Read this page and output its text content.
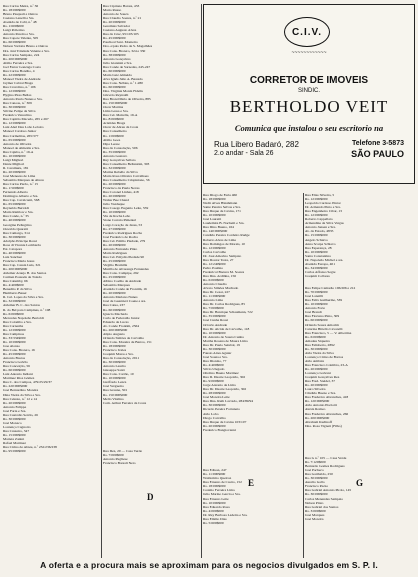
Rua Carlos Meira, n.º 36
Rs. 18:000$000
Bruno Pasquali e Outros
Caetano Lanelli e Srs.
Avenida de Cabl, n.º 48
Rs. 1:600$000
Luigi Pollerino
Antonio Pereira e Sra.
Rua Capote Valente, 505
Rs. 60:000$000
Nelson Varlotta Bruno e Outros
Dra. Jeni Trindade Valente e Sra.
Rua Carlos Sampaio, 224
Rs. 200:000$000
Abilio Ferreira e Sra.
Joel Ferrer Gonzaga Costa
Rua Carlos Botelho, 4
Rs. 22:000$000
Manoel Vieira de Andrade
Jaymer Cabral Braga
Rua Cravolino, n.º 106
Rs. 12:000$000
Hygino Pires Bellas
Antonio Paulo Nunes e Sra.
Rua Canoas, n.º 309
Rs. 30:000$000
Silvino Felipe da Silva
Frederico Vencelino
Rua Capitão Macedo, 265 e 267
Rs. 12:000$000
Luiz Abel Dau Lobo Leloiro
Manoel Cardoso Junior
Rua Carmelitas, 265/377
Rs. 65:000$000
Antonio de Oliveira
Manoel de Almeida e Sra.
Rua Cajuba, n.º 19-A
Rs. 10:000$000
Luigi Migliori
Dante Migliori
R. Caramuru, 181
Rs. 20:000$000
José Menezes de Lima
Sebastião Marques de Abreu
Rua Carlos Pardo, n.º 15
Rs. 1:500$000
Fernando Alberto
Domingos Alberto e Sra.
Rua Cap. Cavalcanti, 568
Rs. 65:000$000
Reynaldo Bertoldi
Maria Ramlow e Sra.
Rua Conde, n.º 35
Rs. 40:000$000
Georgina Pellegrino
Oswaldo Quaratti
Rua Camargo, 314
Rs. 30:000$000
Adolpho Principe Rossi
Rosa di Vicente Lombarda
Est. Catapora
Rs. 40:000$000
Luis Sanchez
Francisca Maria Jesus
Rua Cap. Cassia Luis, 321
Rs. 200:000$000
Aldemar Araujo B. dos Santos
Carmen Pousada de Toledo
Rua Catumby, 66
Rs. 4:400$000
Benedito P. da Silva
Humberto Bauer
R. Cel. Lopes da Silva e Sra.
Rs. 32:000$000
Aldemar B. C. dos Santos
R. do Bel para Campinas, n.º 108
Rs. 6:000$000
Mercedes Napoleão Bertoldi
Rua Colombo e Sra.
Rua Carnaúba
Rs. 12:000$000
Rua Campinos
Rs. 33:334$000
Rs. 10:000$000
Jose Alonso
Rua Cons. Brotero, 16
Rs. 45:000$000
Antonio Bastos
Francisca Galvão
Rua Conceição, 56
Rs. 60:000$000
Luiz Antonio Indiani
Martinez Rios Gómez
Rua C. dos Campos, 479/25/29/37
Rs. 220:000$000
José Bernardino Moreira
Dina Vieira da Silva e Sra.
Rua Celeste, n.º 12 e 14
Rs. 20:000$000
Antonio Felippe
José Faria e Sra.
Rua Custódio Serrão, 26
Rs. 30:000$000
José Monaco
Lourenço Cagnotto
Rua Cruzeiro, 347
Rs. 15:000$000
Marieta Zanini
Rafael Martinez
Rua Cirino de Abreu, n.º 232/236/238
Rs. 95:000$000
Rua Cipriano Barata, 433
Mario Russo
Antonio de Souza
Rua Claudio Soares, n.º 21
Rs. 20:000$000
Geremias Salvador
Caetano Augusto Alves
Rua da Cruz, 95/103/105
Rs. 45:000$000
Paschoal Sant. Monteiro
Dos. e/pais Pedro de S. Magalhães
Rua Cons. Brotero, 324 e 330
Rs. 38:000$000
Antonio Gonçalves
Julio Giannini e Sra.
Rua Conde de Sarzedas, 245-247
Rs. 60:000$000
Maria Luiz Almeida
Alva Ignês Julio A. Bastado
Rua Cons. Nébias, n.º 1.280
Rs. 60:000$000
Dna. Virginia Moniz Fidelis
Glicerio Reynaldi
Rua Brond Melo de Oliveira, 885
Rs. 150:000$000
Oscar Martins
Lima Lessa e Sra.
Rua Cel. Meirelle, 19-A
Rs. 8:000$000
Aristides Braga
Oscar de Abreu da Costa
Rua Conselheiro
Rs. 1:000$000
Abilio Goes
Dipa Leone
Rua da Consolação, 506
Rs. 35:000$000
Antonio Gustavo
Ruy Gonçalves Sellaro
Rua Conselheiro Bellanzini, 303
Rs. 32:000$000
Marina Rebello da Silva
Maria Rosa Oliveira Carvalhaes
Rua Conselheiro Crispiniano, 56
Rs. 20:000$000
Francisco da Paula Neves
Rua Coronel Linhas, 418
Rs. 20:000$000
Walter Bee Chand
Julio Vazduque
Rua Cosego Eugenio Leite, 559
Rs. 10:000$000
Viu de Rocha Leão
Sione Correia Pimentel
Largo Coração de Jesus, 53
Rs. 27:000$000
Frederico Rodrigues Rocha
José Frederico de Rocha
Rua Cel. Emilio Piedade, 279
Rs. 20:000$000
Antonio Fernando Pinto
Maria Rodrigues
Rua Cel. Emydio Piedade 90
Rs. 25:000$000
Virgilio Bramilla
Murilla de Alvarenga Fernandes
Rua Cons. Campipe, 292
Rs. 25:000$000
Albino Coelho de Andrade
Sebastião Marques
Avenida Conde de Frontim, 16
Rs. 20:000$000
Antonio Mariano Nunes
José de Guarnieri Coene e sra.
Rua Catua, 237
Rs. 60:000$000
Ignacio Machado
Carlo de Federalão Junior
Eduardo de Lucas
Av. Conde Frontim, 2564
Rs. 200:000$000
Alipio Augusto
Orlando Simões de Carvalho
Rua Cons. Moreira de Barros, 151
Rs. 18:000$000
Francisco Ivales
Joaquim Matos e Sra.
Rua da Consolação, 2911
Rs. 30:000$000
Antonio Laurito
Giuseppe Santi
Rua Cons. Carrão, 10
Rs. 10:000$000
Gioffredo Lezza
José Vergueiro
Rua Grauna, 301
Rs. 150:000$000
Mello Vitalino
Com. Arthur Ferreira da Costa

Rua Dez, 20 — Casa Verde
Rs. 7:000$000
Antonio Pugliese
Francisco Barsali Neto
C.I.V.
~~~~~~~~~~~~
CORRETOR DE IMOVEIS
SINDIC.
BERTHOLDO VEIT
Comunica que instalou o seu escritorio na
Rua Libero Badaró, 282
2.o andar - Sala 26
Telefone 3-5873
SÃO PAULO
Rua Diogo de Faria 460
Rs. 18:000$000
Nadir Alves Hinshmann
Sante Pereira Selvas e Sra.
Rua Duque de Caxias, 171
Rs. 10:000$000
José Lauretti
Laudemira B. Nachetti e Sra.
Rua Dino Bueno, 164
Rs. 140:000$000
Candido Pereira Cordeiro Rudge
Roberto Alves de Lima
Rua Domingos de Morais, 10
Rs. 12:000$000
Carlos Carvalho
Dr. José Amorino Sampaio
Rua Doutor Tosta, 27
Rs. 12:240$000
Pedro Paulino
Fredericol Bazuca M. Soares
Rua Dna. Ardilina, 156
Rs. 6:000$000
Antonio Claudio
Alvaro Simões Machado
Rua Dr. Cesar, 227
Rs. 11:000$000
Antonio Lima
Rua Dr. Carlos Rodrigues, 85
Rs. 7:000$000
Rua Dr. Henrique Schaumann, 722
Rs. 35:000$000
José Cunha Rossi
Octavio Andrade
Rua Dr. Alcide de Carvalho, 118
Rs. 10:000$000
Dr. Antonio de Souza Cunha
Martha Rosana de Moura Lima
Rua Dr. Paulo Setubal, 19
Rs. 30:000$000
Fausto Aires Aguiar
José Souza e Sra.
Rua Dionizo, 77
Rs. 4:400$000
Silvio Ulegado
Ottolino Bueno Martinez
Rua D. Duarte Leopoldo, 302
Rs. 9:000$000
Jorge Antonio de Lima
Rua Dr. Duarte Leopoldo, 302
Rs. 28:000$000
José Moreira Leite
Rua Dna. Ruth Lavrado, 284/89/94
Rs. 30:000$000
Ricardo Pereira Fortunato
Aldo Lobo
Diogo Carvalho
Rua Duque de Caxias 103/107
Rs. 20:000$000
Frederico Bongiovanni

Rua Edison, 247
Rs. 11:000$000
Waldomiro Queiroz
Rua Ernesto de Castro, 152
Rs. 18:000$000
Cosimo Ferreira Lima
Julio Marino Garcia e Sra.
Rua Ernesto Leite
Rs. 10:000$000
Rua Eduardo Rosa
Rs. 4:000$000
Dr. Ruy Barbosa Ladeira e Sra.
Rua Emilio Dias
Rs. 5:600$000
Rua Elias Silveira, 5
Rs. 12:000$000
Leopoldo Cardoso Pintor
Dr. Armando Pinto e Sra.
Rua Engenheiro Cibar, 13
Rs. 12:000$000
Roberto Cappellato
Armandina da Silva Vargas
Antonio Jansen e Sra.
Av. da Estado, 4835
Rs. 15:000$000
Angelo Schiavo
Anna Scarpa Schiavo
Rua Esperança, 28
Rs. 10:000$000
Santa Constantina
Dr. Napoleão Michel e sra.
Avenida Europa, 401
Rs. 34:000$000
Carlos Affonso Segre
Joaquim Collares

Rua Felipe Camarão 196/206 e 212
Rs. 70:000$000
José Lanzilli
Rua Felix Guilherme, 539
Rs. 10:000$000
Antonio Forte
José Brandi
Rua Floriano Pinto, 309
Rs. 60:000$000
Orlando Souza Amorim
Catarina Bittello Cavarelli
Rua Francisco, 5 — V. Albertina
Rs. 6:000$000
Amadeu Siqueira
Rua Felisberto, 2892
Rs. 30:000$000
Alda Vieira da Silva
Lourenço Cirino de Barros
Aldo Ambala
Rua Francisco Coimbra, 23-A
Rs. 20:000$000
Lourenço Galvani
Joaquim Gonçalves Rea
Rua Fred. Steidel, 37
Rs. 20:000$000
Lauro Silveira
Cândido Bueno e Sra.
Rua Frederico Abranches, 418
Rs. 120:000$000
Aldo Antonio Pisciotti
Alexis Romeo
Rua Frederico Abranches, 266
Rs. 200:000$000
Abraham Kudinoff
Dna. Rosa Vignati (Filho)

Rua G n.º 105 — Casa Verde
Rs. 7:120$000
Bernardo Gomes Rodrigues
José Pacheco
Rua Garibaldo, 250
Rs. 30:000$000
Aurelio Gallo
Francisco Pezzo
Rua Gabriel Antonio Pirolo, 145
Rs. 30:000$000
Carlos Menendes Sampaio
Nelson Pinto
Rua Gabriel dos Santos
Rs. 3:000$000
José Marques
José Moreira
D
E	G
A oferta e a procura mais se aproximam para os negocios divulgados em S. P. I.
